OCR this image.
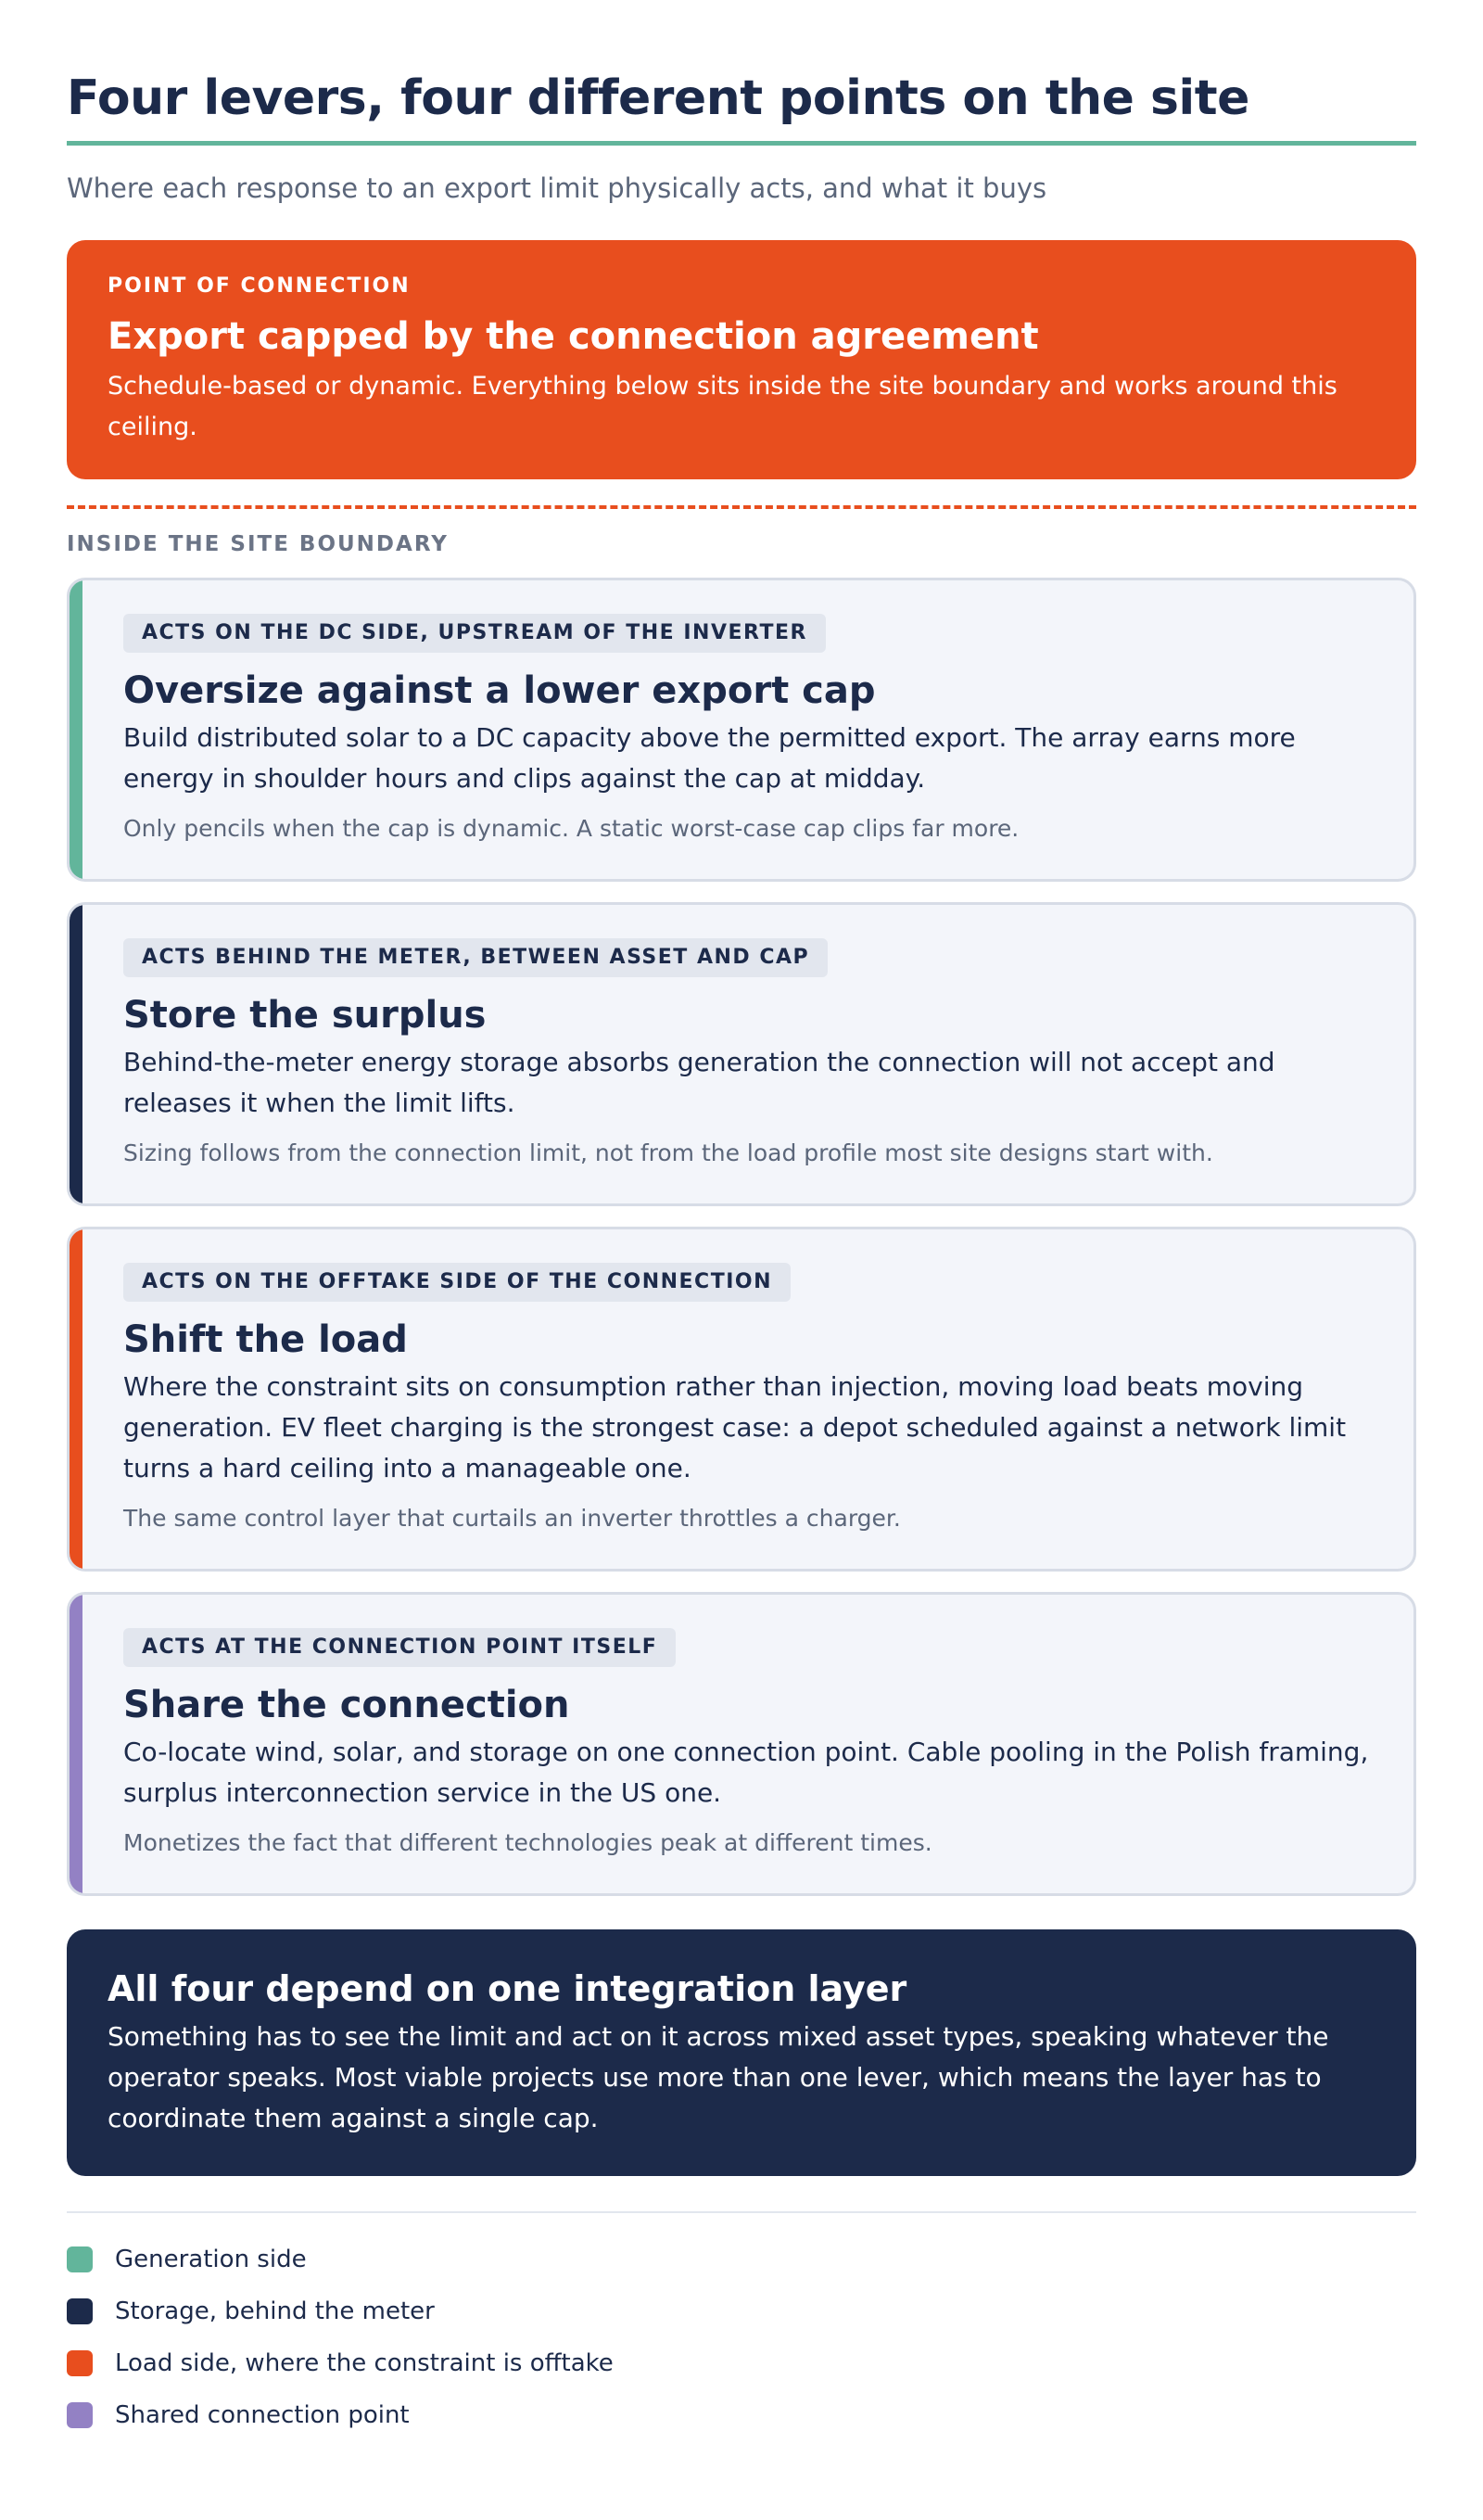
Four levers, four different points on the site

Where each response to an export limit physically acts, and what it buys

POINT OF CONNECTION
Export capped by the connection agreement
Schedule-based or dynamic. Everything below sits inside the site boundary and works around this ceiling.
INSIDE THE SITE BOUNDARY
ACTS ON THE DC SIDE, UPSTREAM OF THE INVERTER
Oversize against a lower export cap
Build distributed solar to a DC capacity above the permitted export. The array earns more energy in shoulder hours and clips against the cap at midday.
Only pencils when the cap is dynamic. A static worst-case cap clips far more.
ACTS BEHIND THE METER, BETWEEN ASSET AND CAP
Store the surplus
Behind-the-meter energy storage absorbs generation the connection will not accept and releases it when the limit lifts.
Sizing follows from the connection limit, not from the load profile most site designs start with.
ACTS ON THE OFFTAKE SIDE OF THE CONNECTION
Shift the load
Where the constraint sits on consumption rather than injection, moving load beats moving generation. EV fleet charging is the strongest case: a depot scheduled against a network limit turns a hard ceiling into a manageable one.
The same control layer that curtails an inverter throttles a charger.
ACTS AT THE CONNECTION POINT ITSELF
Share the connection
Co-locate wind, solar, and storage on one connection point. Cable pooling in the Polish framing, surplus interconnection service in the US one.
Monetizes the fact that different technologies peak at different times.
All four depend on one integration layer
Something has to see the limit and act on it across mixed asset types, speaking whatever the operator speaks. Most viable projects use more than one lever, which means the layer has to coordinate them against a single cap.
Generation side
Storage, behind the meter
Load side, where the constraint is offtake
Shared connection point
